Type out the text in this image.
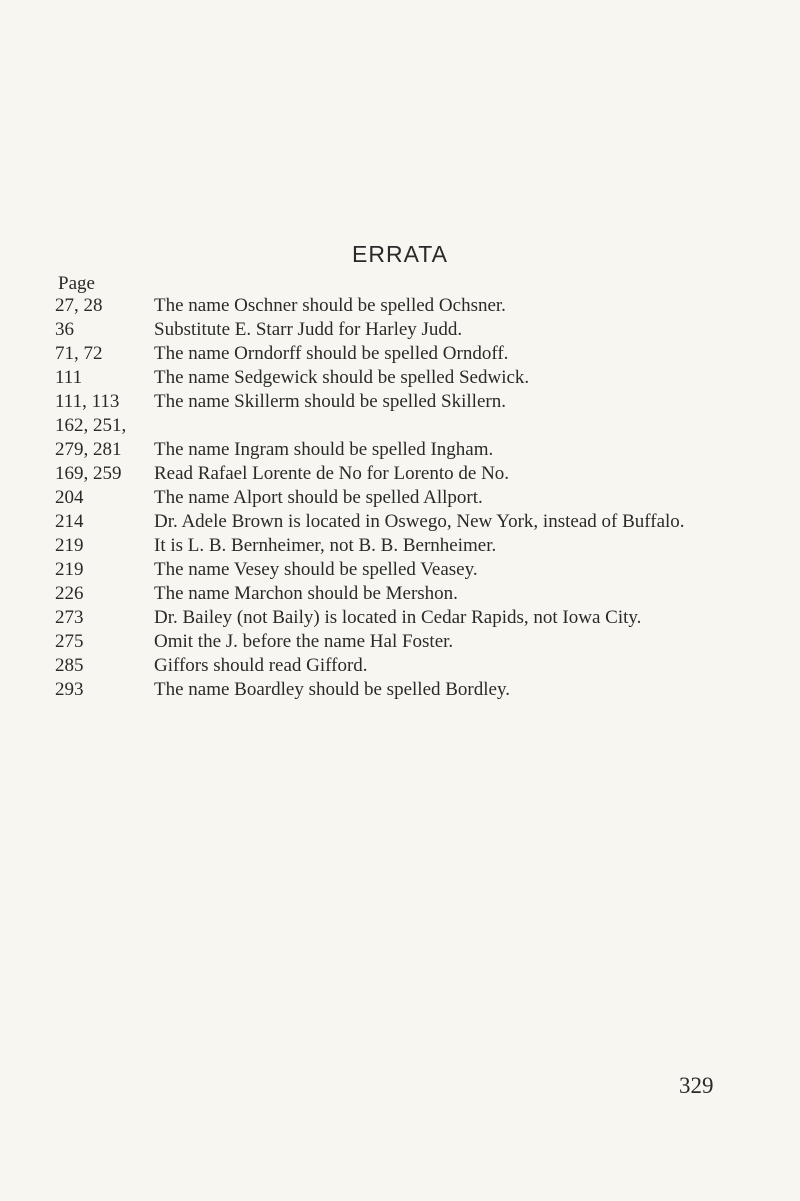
ERRATA
Page
27, 28	The name Oschner should be spelled Ochsner.
36	Substitute E. Starr Judd for Harley Judd.
71, 72	The name Orndorff should be spelled Orndoff.
111	The name Sedgewick should be spelled Sedwick.
111, 113	The name Skillerm should be spelled Skillern.
162, 251,
279, 281	The name Ingram should be spelled Ingham.
169, 259	Read Rafael Lorente de No for Lorento de No.
204	The name Alport should be spelled Allport.
214	Dr. Adele Brown is located in Oswego, New York, instead of Buffalo.
219	It is L. B. Bernheimer, not B. B. Bernheimer.
219	The name Vesey should be spelled Veasey.
226	The name Marchon should be Mershon.
273	Dr. Bailey (not Baily) is located in Cedar Rapids, not Iowa City.
275	Omit the J. before the name Hal Foster.
285	Giffors should read Gifford.
293	The name Boardley should be spelled Bordley.
329
